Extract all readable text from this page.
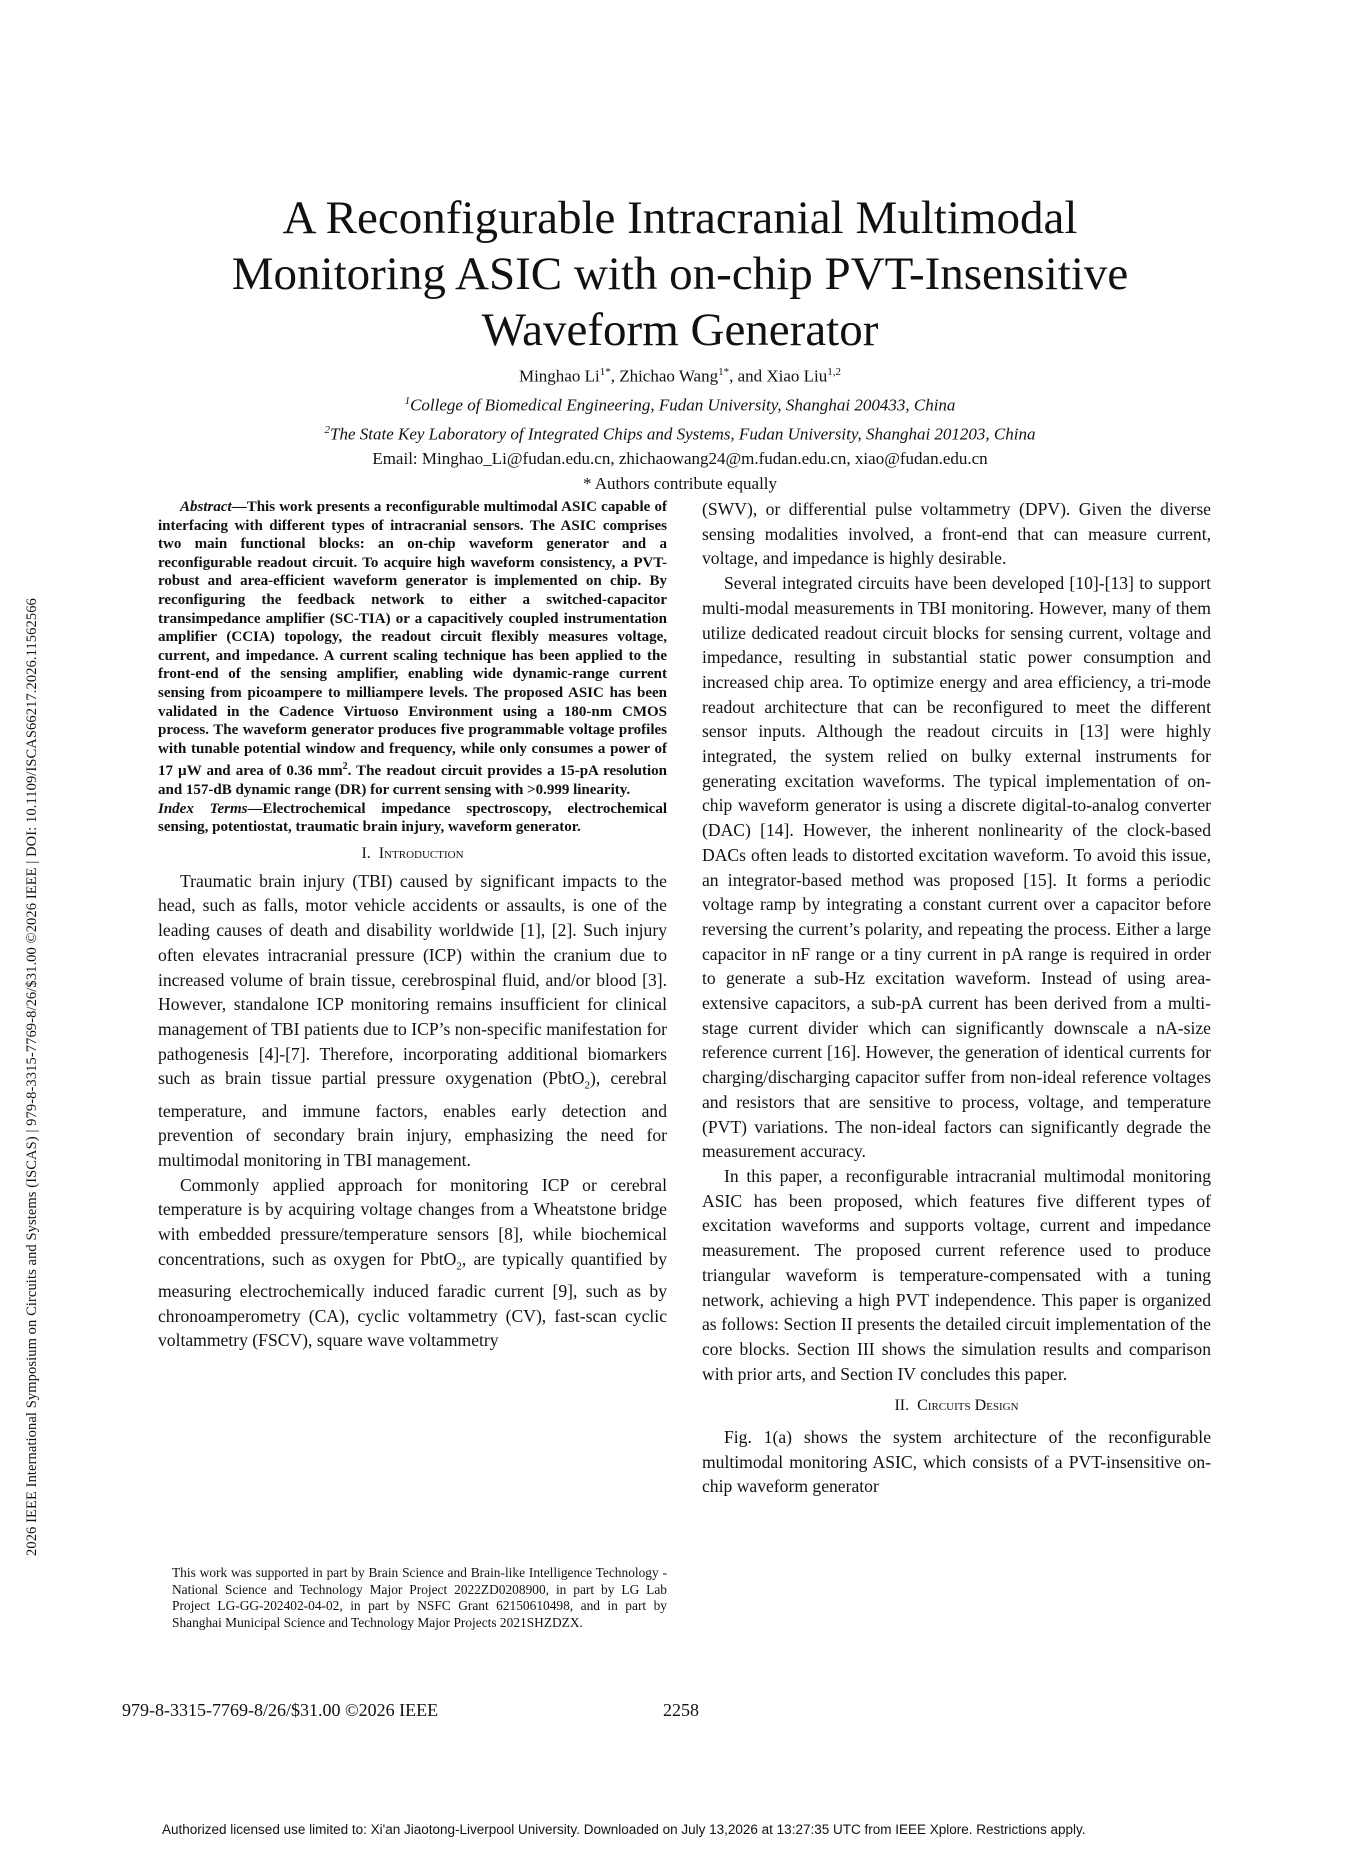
2026 IEEE International Symposium on Circuits and Systems (ISCAS) | 979-8-3315-7769-8/26/$31.00 ©2026 IEEE | DOI: 10.1109/ISCAS66217.2026.11562566
A Reconfigurable Intracranial Multimodal
Monitoring ASIC with on-chip PVT-Insensitive
Waveform Generator
Minghao $Li^{1*}$, Zhichao Wang$^{1*}$, and Xiao Liu$^{1,2}$
$^1$College of Biomedical Engineering, Fudan University, Shanghai 200433, China
$^2$The State Key Laboratory of Integrated Chips and Systems, Fudan University, Shanghai 201203, China
Email: Minghao_Li@fudan.edu.cn, zhichaowang24@m.fudan.edu.cn, xiao@fudan.edu.cn
* Authors contribute equally

Abstract—This work presents a reconfigurable multimodal ASIC capable of interfacing with different types of intracranial sensors. The ASIC comprises two main functional blocks: an on-chip waveform generator and a reconfigurable readout circuit. To acquire high waveform consistency, a PVT-robust and area-efficient waveform generator is implemented on chip. By reconfiguring the feedback network to either a switched-capacitor transimpedance amplifier (SC-TIA) or a capacitively coupled instrumentation amplifier (CCIA) topology, the readout circuit flexibly measures voltage, current, and impedance. A current scaling technique has been applied to the front-end of the sensing amplifier, enabling wide dynamic-range current sensing from picoampere to milliampere levels. The proposed ASIC has been validated in the Cadence Virtuoso Environment using a 180-nm CMOS process. The waveform generator produces five programmable voltage profiles with tunable potential window and frequency, while only consumes a power of 17 µW and area of 0.36 $mm^2$. The readout circuit provides a 15-pA resolution and 157-dB dynamic range (DR) for current sensing with >0.999 linearity.

Index Terms—Electrochemical impedance spectroscopy, electrochemical sensing, potentiostat, traumatic brain injury, waveform generator.

I. Introduction

Traumatic brain injury (TBI) caused by significant impacts to the head, such as falls, motor vehicle accidents or assaults, is one of the leading causes of death and disability worldwide [1], [2]. Such injury often elevates intracranial pressure (ICP) within the cranium due to increased volume of brain tissue, cerebrospinal fluid, and/or blood [3]. However, standalone ICP monitoring remains insufficient for clinical management of TBI patients due to ICP’s non-specific manifestation for pathogenesis [4]-[7]. Therefore, incorporating additional biomarkers such as brain tissue partial pressure oxygenation (PbtO$_2$), cerebral temperature, and immune factors, enables early detection and prevention of secondary brain injury, emphasizing the need for multimodal monitoring in TBI management.

Commonly applied approach for monitoring ICP or cerebral temperature is by acquiring voltage changes from a Wheatstone bridge with embedded pressure/temperature sensors [8], while biochemical concentrations, such as oxygen for PbtO$_2$, are typically quantified by measuring electrochemically induced faradic current [9], such as by chronoamperometry (CA), cyclic voltammetry (CV), fast-scan cyclic voltammetry (FSCV), square wave voltammetry

This work was supported in part by Brain Science and Brain-like Intelligence Technology - National Science and Technology Major Project 2022ZD0208900, in part by LG Lab Project LG-GG-202402-04-02, in part by NSFC Grant 62150610498, and in part by Shanghai Municipal Science and Technology Major Projects 2021SHZDZX.

(SWV), or differential pulse voltammetry (DPV). Given the diverse sensing modalities involved, a front-end that can measure current, voltage, and impedance is highly desirable.

Several integrated circuits have been developed [10]-[13] to support multi-modal measurements in TBI monitoring. However, many of them utilize dedicated readout circuit blocks for sensing current, voltage and impedance, resulting in substantial static power consumption and increased chip area. To optimize energy and area efficiency, a tri-mode readout architecture that can be reconfigured to meet the different sensor inputs. Although the readout circuits in [13] were highly integrated, the system relied on bulky external instruments for generating excitation waveforms. The typical implementation of on-chip waveform generator is using a discrete digital-to-analog converter (DAC) [14]. However, the inherent nonlinearity of the clock-based DACs often leads to distorted excitation waveform. To avoid this issue, an integrator-based method was proposed [15]. It forms a periodic voltage ramp by integrating a constant current over a capacitor before reversing the current’s polarity, and repeating the process. Either a large capacitor in nF range or a tiny current in pA range is required in order to generate a sub-Hz excitation waveform. Instead of using area-extensive capacitors, a sub-pA current has been derived from a multi-stage current divider which can significantly downscale a nA-size reference current [16]. However, the generation of identical currents for charging/discharging capacitor suffer from non-ideal reference voltages and resistors that are sensitive to process, voltage, and temperature (PVT) variations. The non-ideal factors can significantly degrade the measurement accuracy.

In this paper, a reconfigurable intracranial multimodal monitoring ASIC has been proposed, which features five different types of excitation waveforms and supports voltage, current and impedance measurement. The proposed current reference used to produce triangular waveform is temperature-compensated with a tuning network, achieving a high PVT independence. This paper is organized as follows: Section II presents the detailed circuit implementation of the core blocks. Section III shows the simulation results and comparison with prior arts, and Section IV concludes this paper.

II. Circuits Design

Fig. 1(a) shows the system architecture of the reconfigurable multimodal monitoring ASIC, which consists of a PVT-insensitive on-chip waveform generator

979-8-3315-7769-8/26/$31.00 ©2026 IEEE	2258
Authorized licensed use limited to: Xi'an Jiaotong-Liverpool University. Downloaded on July 13,2026 at 13:27:35 UTC from IEEE Xplore. Restrictions apply.
